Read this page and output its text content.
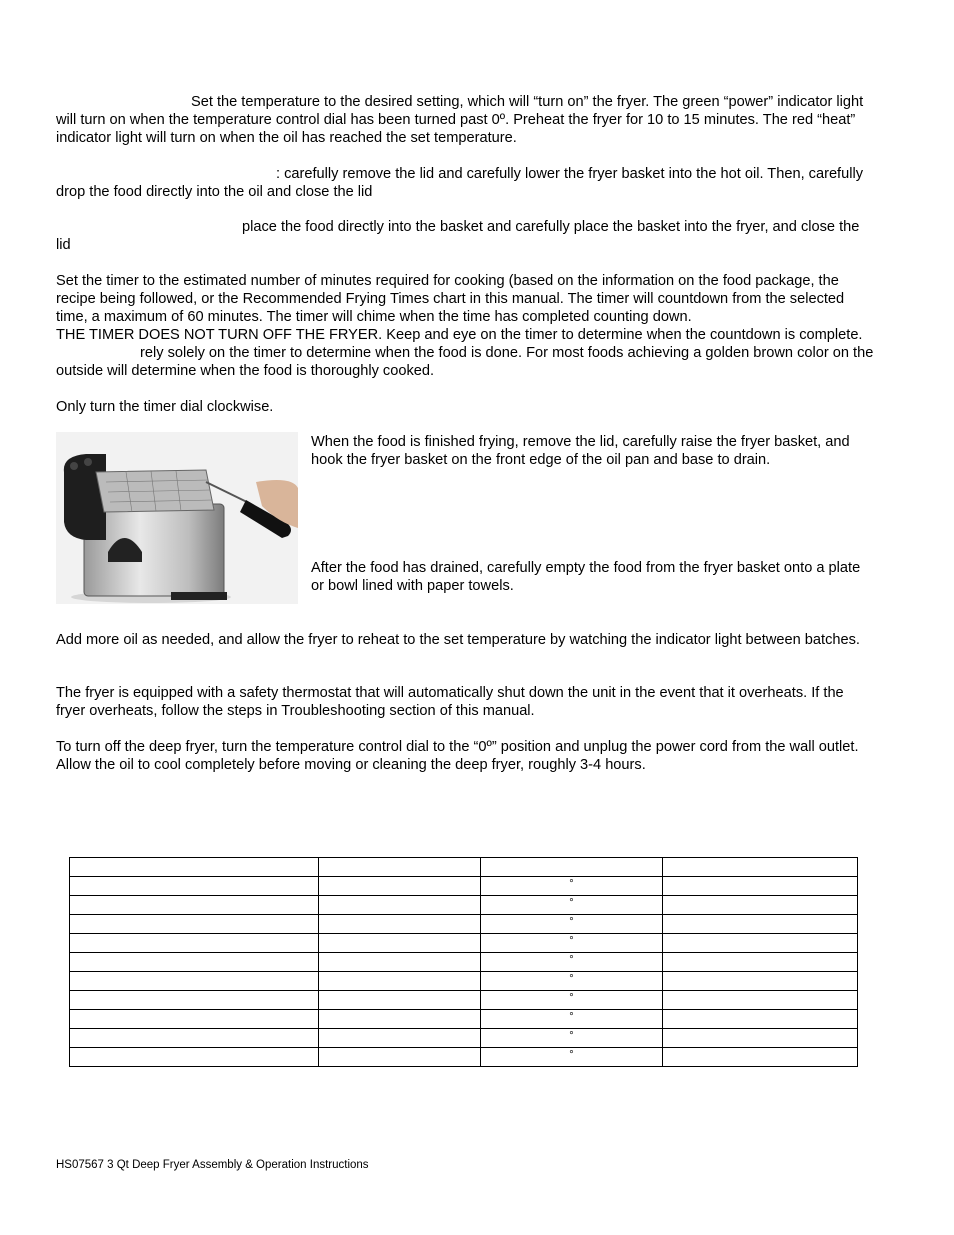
Set the temperature to the desired setting, which will “turn on” the fryer. The green “power” indicator light will turn on when the temperature control dial has been turned past 0º. Preheat the fryer for 10 to 15 minutes. The red “heat” indicator light will turn on when the oil has reached the set temperature.

: carefully remove the lid and carefully lower the fryer basket into the hot oil. Then, carefully drop the food directly into the oil and close the lid

place the food directly into the basket and carefully place the basket into the fryer, and close the lid

Set the timer to the estimated number of minutes required for cooking (based on the information on the food package, the recipe being followed, or the Recommended Frying Times chart in this manual. The timer will countdown from the selected time, a maximum of 60 minutes. The timer will chime when the time has completed counting down.
THE TIMER DOES NOT TURN OFF THE FRYER. Keep and eye on the timer to determine when the countdown is complete.rely solely on the timer to determine when the food is done. For most foods achieving a golden brown color on the outside will determine when the food is thoroughly cooked.

Only turn the timer dial clockwise.

When the food is finished frying, remove the lid, carefully raise the fryer basket, and hook the fryer basket on the front edge of the oil pan and base to drain.

After the food has drained, carefully empty the food from the fryer basket onto a plate or bowl lined with paper towels.

Add more oil as needed, and allow the fryer to reheat to the set temperature by watching the indicator light between batches.

The fryer is equipped with a safety thermostat that will automatically shut down the unit in the event that it overheats. If the fryer overheats, follow the steps in Troubleshooting section of this manual.

To turn off the deep fryer, turn the temperature control dial to the “0º” position and unplug the power cord from the wall outlet. Allow the oil to cool completely before moving or cleaning the deep fryer, roughly 3-4 hours.

		°	
		°	
		°	
		°	
		°	
		°	
		°	
		°	
		°	
		°	
HS07567 3 Qt Deep Fryer Assembly & Operation Instructions
